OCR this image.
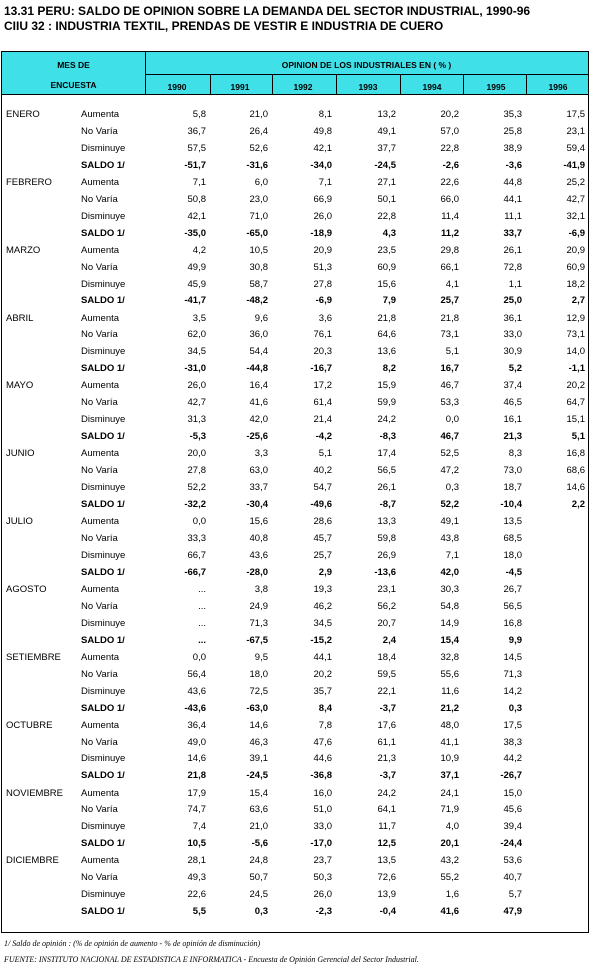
13.31 PERU: SALDO DE OPINION SOBRE LA DEMANDA DEL SECTOR INDUSTRIAL, 1990-96
CIIU 32 : INDUSTRIA TEXTIL, PRENDAS DE VESTIR E INDUSTRIA DE CUERO
MES DE
ENCUESTA
OPINION DE LOS INDUSTRIALES EN ( % )
1990	1991	1992	1993	1994	1995	1996
ENERO	Aumenta	5,8	21,0	8,1	13,2	20,2	35,3	17,5
No Varía	36,7	26,4	49,8	49,1	57,0	25,8	23,1
Disminuye	57,5	52,6	42,1	37,7	22,8	38,9	59,4
SALDO 1/	-51,7	-31,6	-34,0	-24,5	-2,6	-3,6	-41,9
FEBRERO	Aumenta	7,1	6,0	7,1	27,1	22,6	44,8	25,2
No Varía	50,8	23,0	66,9	50,1	66,0	44,1	42,7
Disminuye	42,1	71,0	26,0	22,8	11,4	11,1	32,1
SALDO 1/	-35,0	-65,0	-18,9	4,3	11,2	33,7	-6,9
MARZO	Aumenta	4,2	10,5	20,9	23,5	29,8	26,1	20,9
No Varía	49,9	30,8	51,3	60,9	66,1	72,8	60,9
Disminuye	45,9	58,7	27,8	15,6	4,1	1,1	18,2
SALDO 1/	-41,7	-48,2	-6,9	7,9	25,7	25,0	2,7
ABRIL	Aumenta	3,5	9,6	3,6	21,8	21,8	36,1	12,9
No Varía	62,0	36,0	76,1	64,6	73,1	33,0	73,1
Disminuye	34,5	54,4	20,3	13,6	5,1	30,9	14,0
SALDO 1/	-31,0	-44,8	-16,7	8,2	16,7	5,2	-1,1
MAYO	Aumenta	26,0	16,4	17,2	15,9	46,7	37,4	20,2
No Varía	42,7	41,6	61,4	59,9	53,3	46,5	64,7
Disminuye	31,3	42,0	21,4	24,2	0,0	16,1	15,1
SALDO 1/	-5,3	-25,6	-4,2	-8,3	46,7	21,3	5,1
JUNIO	Aumenta	20,0	3,3	5,1	17,4	52,5	8,3	16,8
No Varía	27,8	63,0	40,2	56,5	47,2	73,0	68,6
Disminuye	52,2	33,7	54,7	26,1	0,3	18,7	14,6
SALDO 1/	-32,2	-30,4	-49,6	-8,7	52,2	-10,4	2,2
JULIO	Aumenta	0,0	15,6	28,6	13,3	49,1	13,5
No Varía	33,3	40,8	45,7	59,8	43,8	68,5
Disminuye	66,7	43,6	25,7	26,9	7,1	18,0
SALDO 1/	-66,7	-28,0	2,9	-13,6	42,0	-4,5
AGOSTO	Aumenta	...	3,8	19,3	23,1	30,3	26,7
No Varía	...	24,9	46,2	56,2	54,8	56,5
Disminuye	...	71,3	34,5	20,7	14,9	16,8
SALDO 1/	...	-67,5	-15,2	2,4	15,4	9,9
SETIEMBRE Aumenta	0,0	9,5	44,1	18,4	32,8	14,5
No Varía	56,4	18,0	20,2	59,5	55,6	71,3
Disminuye	43,6	72,5	35,7	22,1	11,6	14,2
SALDO 1/	-43,6	-63,0	8,4	-3,7	21,2	0,3
OCTUBRE	Aumenta	36,4	14,6	7,8	17,6	48,0	17,5
No Varía	49,0	46,3	47,6	61,1	41,1	38,3
Disminuye	14,6	39,1	44,6	21,3	10,9	44,2
SALDO 1/	21,8	-24,5	-36,8	-3,7	37,1	-26,7
NOVIEMBRE Aumenta	17,9	15,4	16,0	24,2	24,1	15,0
No Varía	74,7	63,6	51,0	64,1	71,9	45,6
Disminuye	7,4	21,0	33,0	11,7	4,0	39,4
SALDO 1/	10,5	-5,6	-17,0	12,5	20,1	-24,4
DICIEMBRE Aumenta	28,1	24,8	23,7	13,5	43,2	53,6
No Varía	49,3	50,7	50,3	72,6	55,2	40,7
Disminuye	22,6	24,5	26,0	13,9	1,6	5,7
SALDO 1/	5,5	0,3	-2,3	-0,4	41,6	47,9
1/ Saldo de opinión : (% de opinión de aumento - % de opinión de disminución)
FUENTE: INSTITUTO NACIONAL DE ESTADISTICA E INFORMATICA - Encuesta de Opinión Gerencial del Sector Industrial.
